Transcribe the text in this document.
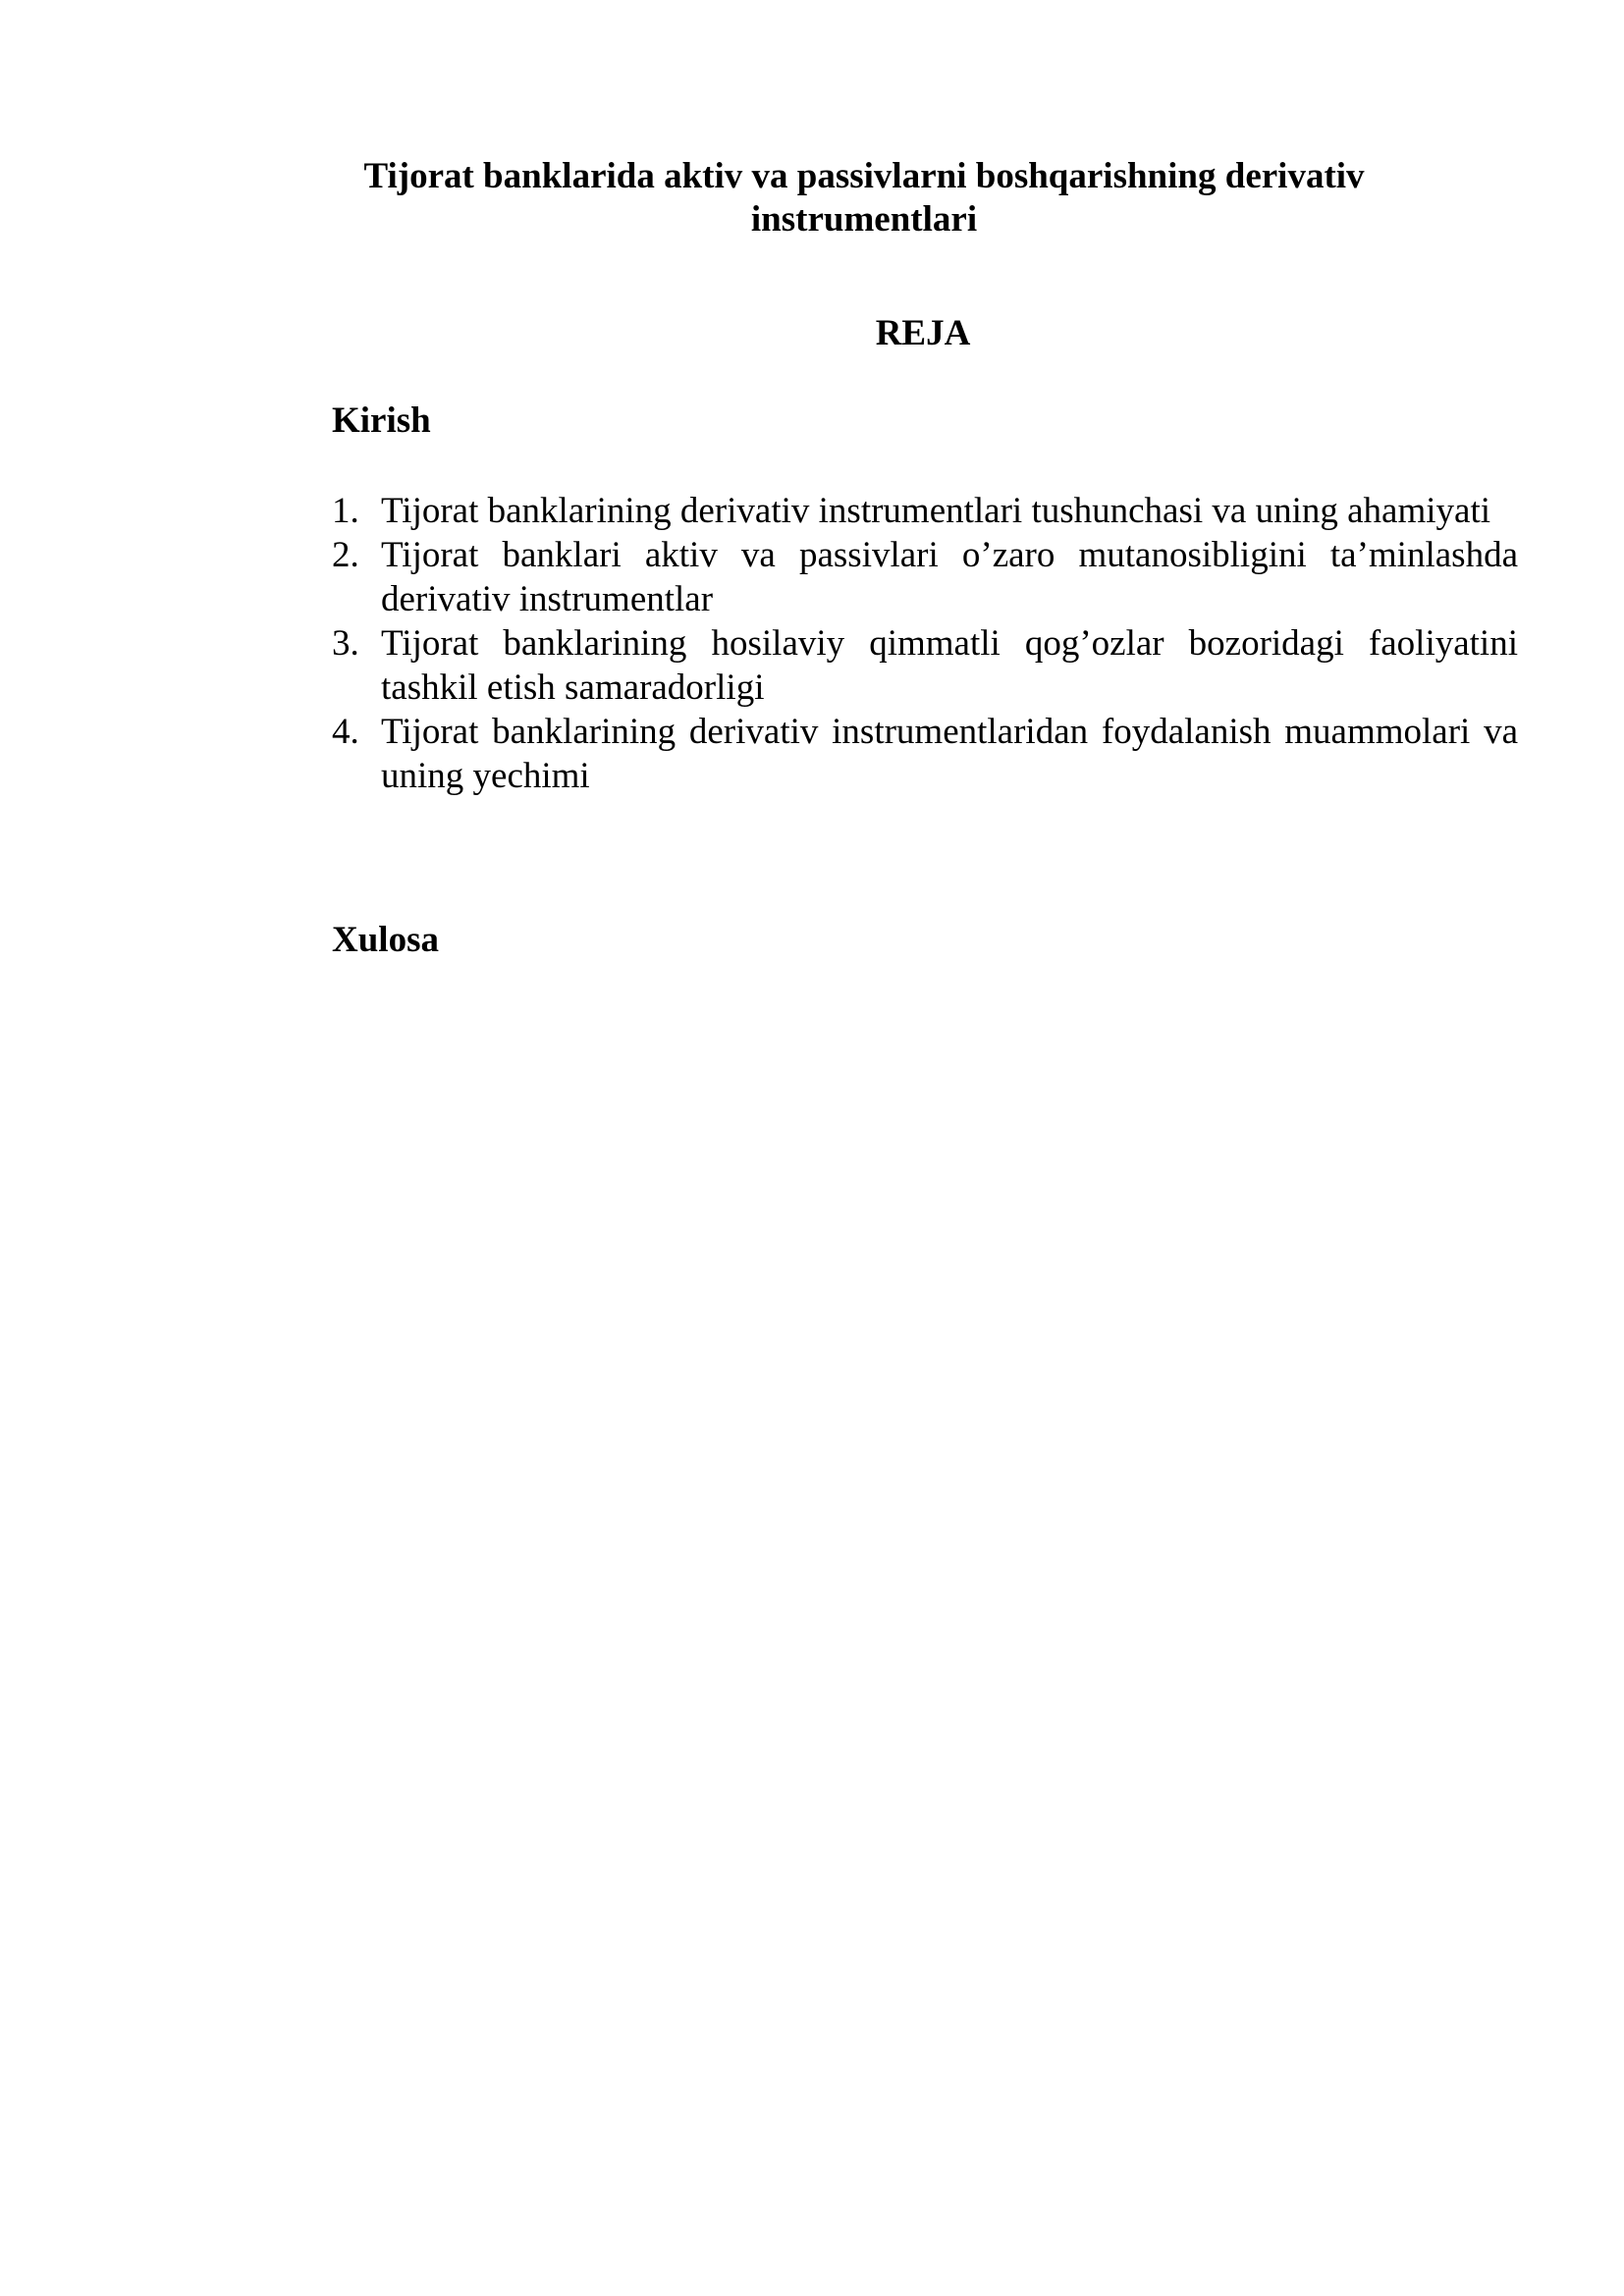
Tijorat banklarida aktiv va passivlarni boshqarishning derivativ
instrumentlari
REJA
Kirish
1. Tijorat banklarining derivativ instrumentlari tushunchasi va uning ahamiyati
2. Tijorat banklari aktiv va passivlari o’zaro mutanosibligini ta’minlashda derivativ instrumentlar
3. Tijorat banklarining hosilaviy qimmatli qog’ozlar bozoridagi faoliyatini tashkil etish samaradorligi
4. Tijorat banklarining derivativ instrumentlaridan foydalanish muammolari va uning yechimi
Xulosa
